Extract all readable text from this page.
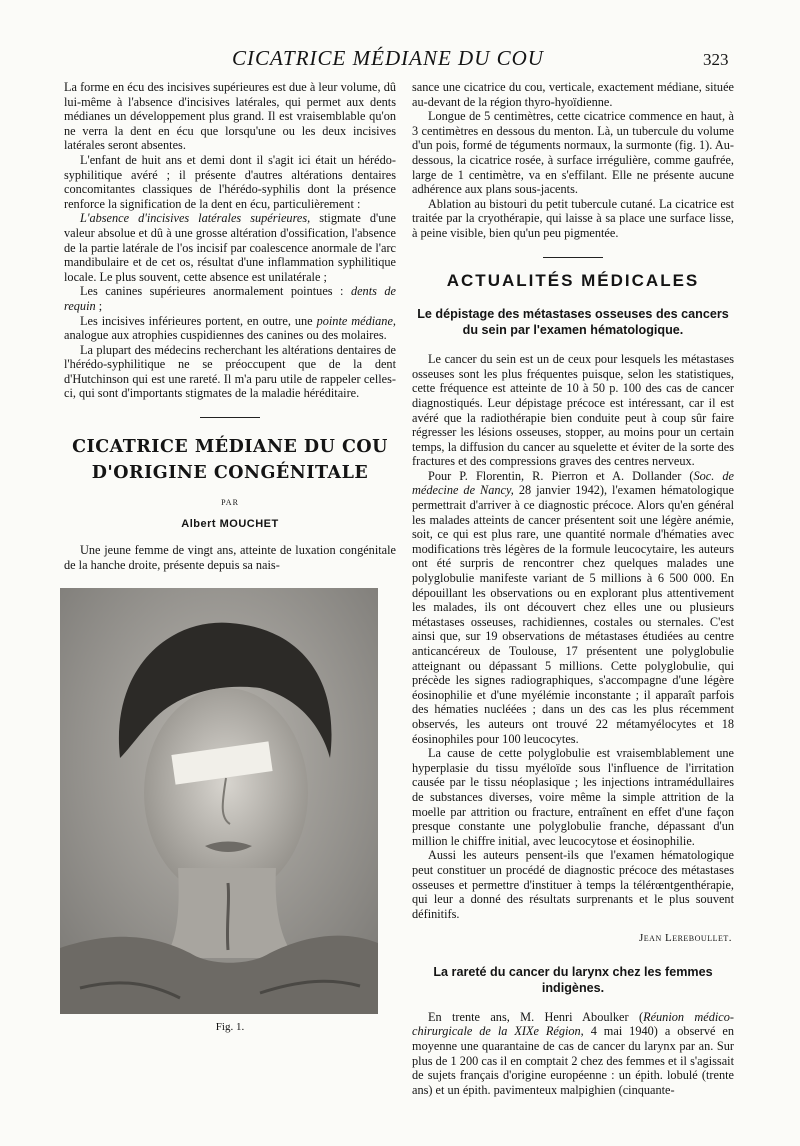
CICATRICE MÉDIANE DU COU	323

La forme en écu des incisives supérieures est due à leur volume, dû lui-même à l'absence d'incisives latérales, qui permet aux dents médianes un développement plus grand. Il est vraisemblable qu'on ne verra la dent en écu que lorsqu'une ou les deux incisives latérales seront absentes.

L'enfant de huit ans et demi dont il s'agit ici était un hérédo-syphilitique avéré ; il présente d'autres altérations dentaires concomitantes classiques de l'hérédo-syphilis dont la présence renforce la signification de la dent en écu, particulièrement :

L'absence d'incisives latérales supérieures, stigmate d'une valeur absolue et dû à une grosse altération d'ossification, l'absence de la partie latérale de l'os incisif par coalescence anormale de l'arc mandibulaire et de cet os, résultat d'une inflammation syphilitique locale. Le plus souvent, cette absence est unilatérale ;

Les canines supérieures anormalement pointues : dents de requin ;

Les incisives inférieures portent, en outre, une pointe médiane, analogue aux atrophies cuspidiennes des canines ou des molaires.

La plupart des médecins recherchant les altérations dentaires de l'hérédo-syphilitique ne se préoccupent que de la dent d'Hutchinson qui est une rareté. Il m'a paru utile de rappeler celles-ci, qui sont d'importants stigmates de la maladie héréditaire.

CICATRICE MÉDIANE DU COU
D'ORIGINE CONGÉNITALE
PAR
Albert MOUCHET

Une jeune femme de vingt ans, atteinte de luxation congénitale de la hanche droite, présente depuis sa nais-

Fig. 1.

sance une cicatrice du cou, verticale, exactement médiane, située au-devant de la région thyro-hyoïdienne.

Longue de 5 centimètres, cette cicatrice commence en haut, à 3 centimètres en dessous du menton. Là, un tubercule du volume d'un pois, formé de téguments normaux, la surmonte (fig. 1). Au-dessous, la cicatrice rosée, à surface irrégulière, comme gaufrée, large de 1 centimètre, va en s'effilant. Elle ne présente aucune adhérence aux plans sous-jacents.

Ablation au bistouri du petit tubercule cutané. La cicatrice est traitée par la cryothérapie, qui laisse à sa place une surface lisse, à peine visible, bien qu'un peu pigmentée.

ACTUALITÉS MÉDICALES
Le dépistage des métastases osseuses des cancers du sein par l'examen hématologique.

Le cancer du sein est un de ceux pour lesquels les métastases osseuses sont les plus fréquentes puisque, selon les statistiques, cette fréquence est atteinte de 10 à 50 p. 100 des cas de cancer diagnostiqués. Leur dépistage précoce est intéressant, car il est avéré que la radiothérapie bien conduite peut à coup sûr faire régresser les lésions osseuses, stopper, au moins pour un certain temps, la diffusion du cancer au squelette et éviter de la sorte des fractures et des compressions graves des centres nerveux.

Pour P. Florentin, R. Pierron et A. Dollander (Soc. de médecine de Nancy, 28 janvier 1942), l'examen hématologique permettrait d'arriver à ce diagnostic précoce. Alors qu'en général les malades atteints de cancer présentent soit une légère anémie, soit, ce qui est plus rare, une quantité normale d'hématies avec modifications très légères de la formule leucocytaire, les auteurs ont été surpris de rencontrer chez quelques malades une polyglobulie manifeste variant de 5 millions à 6 500 000. En dépouillant les observations ou en explorant plus attentivement les malades, ils ont découvert chez elles une ou plusieurs métastases osseuses, rachidiennes, costales ou sternales. C'est ainsi que, sur 19 observations de métastases étudiées au centre anticancéreux de Toulouse, 17 présentent une polyglobulie atteignant ou dépassant 5 millions. Cette polyglobulie, qui précède les signes radiographiques, s'accompagne d'une légère éosinophilie et d'une myélémie inconstante ; il apparaît parfois des hématies nucléées ; dans un des cas les plus récemment observés, les auteurs ont trouvé 22 métamyélocytes et 18 éosinophiles pour 100 leucocytes.

La cause de cette polyglobulie est vraisemblablement une hyperplasie du tissu myéloïde sous l'influence de l'irritation causée par le tissu néoplasique ; les injections intramédullaires de substances diverses, voire même la simple attrition de la moelle par attrition ou fracture, entraînent en effet d'une façon presque constante une polyglobulie franche, dépassant d'un million le chiffre initial, avec leucocytose et éosinophilie.

Aussi les auteurs pensent-ils que l'examen hématologique peut constituer un procédé de diagnostic précoce des métastases osseuses et permettre d'instituer à temps la télérœntgenthérapie, qui leur a donné des résultats surprenants et le plus souvent définitifs.

Jean Lereboullet.
La rareté du cancer du larynx chez les femmes indigènes.

En trente ans, M. Henri Aboulker (Réunion médico-chirurgicale de la XIXe Région, 4 mai 1940) a observé en moyenne une quarantaine de cas de cancer du larynx par an. Sur plus de 1 200 cas il en comptait 2 chez des femmes et il s'agissait de sujets français d'origine européenne : un épith. lobulé (trente ans) et un épith. pavimenteux malpighien (cinquante-
